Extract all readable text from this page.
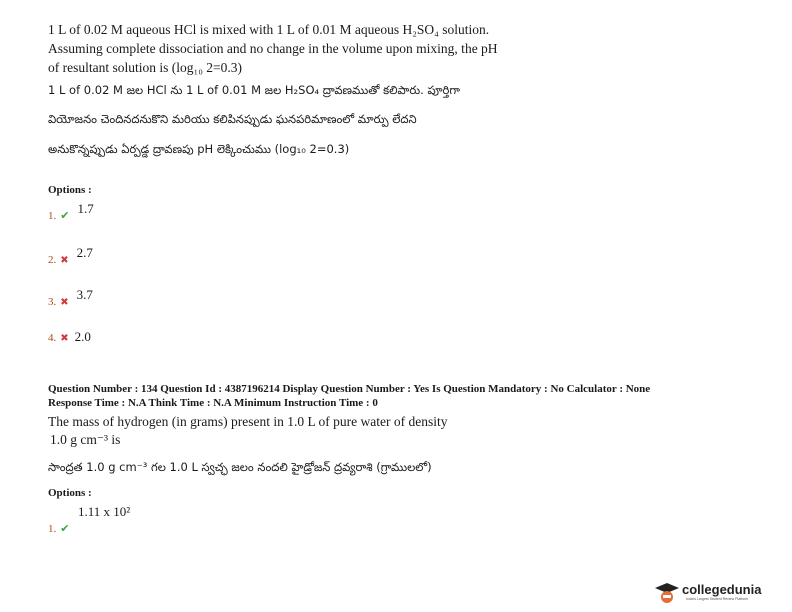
1 L of 0.02 M aqueous HCl is mixed with 1 L of 0.01 M aqueous H₂SO₄ solution.
Assuming complete dissociation and no change in the volume upon mixing, the pH
of resultant solution is (log₁₀ 2=0.3)
1 L of 0.02 M జల HCl ను 1 L of 0.01 M జల H₂SO₄ ద్రావణముతో కలిపారు. పూర్తిగా
వియోజనం చెందినదనుకొని మరియు కలిపినప్పుడు ఘనపరిమాణంలో మార్పు లేదని
అనుకొన్నప్పుడు ఏర్పడ్డ ద్రావణపు pH లెక్కించుము (log₁₀ 2=0.3)
Options :
1. ✔ $^{1.7}$
2. ✖ $^{2.7}$
3. ✖ $^{3.7}$
4. ✖ 2.0
Question Number : 134 Question Id : 4387196214 Display Question Number : Yes Is Question Mandatory : No Calculator : None
Response Time : N.A Think Time : N.A Minimum Instruction Time : 0
The mass of hydrogen (in grams) present in 1.0 L of pure water of density
1.0 g cm⁻³ is
సాంద్రత 1.0 g cm⁻³ గల 1.0 L స్వచ్ఛ జలం నందలి హైడ్రోజన్ ద్రవ్యరాశి (గ్రాములలో)
Options :
1.11 x 10²
1. ✔
collegedunia
India's Largest Student Review Platform
